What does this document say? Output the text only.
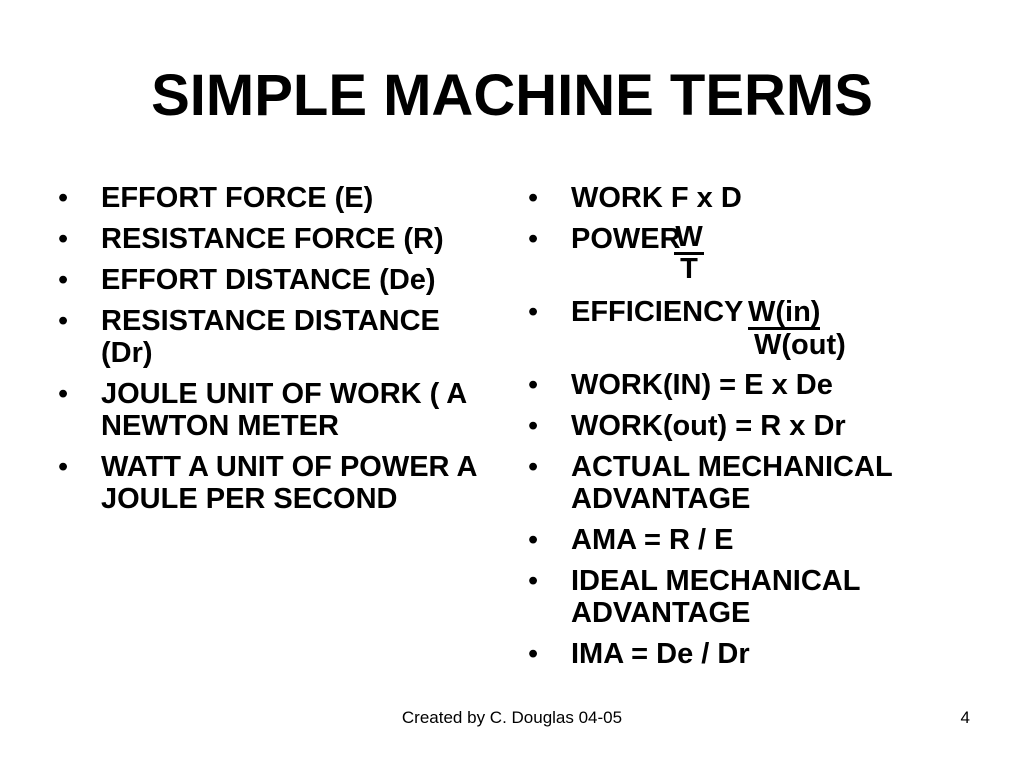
SIMPLE MACHINE TERMS
• EFFORT FORCE (E)
• RESISTANCE FORCE (R)
• EFFORT DISTANCE (De)
• RESISTANCE DISTANCE (Dr)
• JOULE UNIT OF WORK ( A NEWTON METER
• WATT A UNIT OF POWER A JOULE PER SECOND
• WORK F x D
• POWER
$\frac{W}{T}$
• EFFICIENCY W(in)
W(out)
• WORK(IN) = E x De
• WORK(out) = R x Dr
• ACTUAL MECHANICAL ADVANTAGE
• AMA = R / E
• IDEAL MECHANICAL ADVANTAGE
• IMA = De / Dr
Created by C. Douglas 04-05	4
